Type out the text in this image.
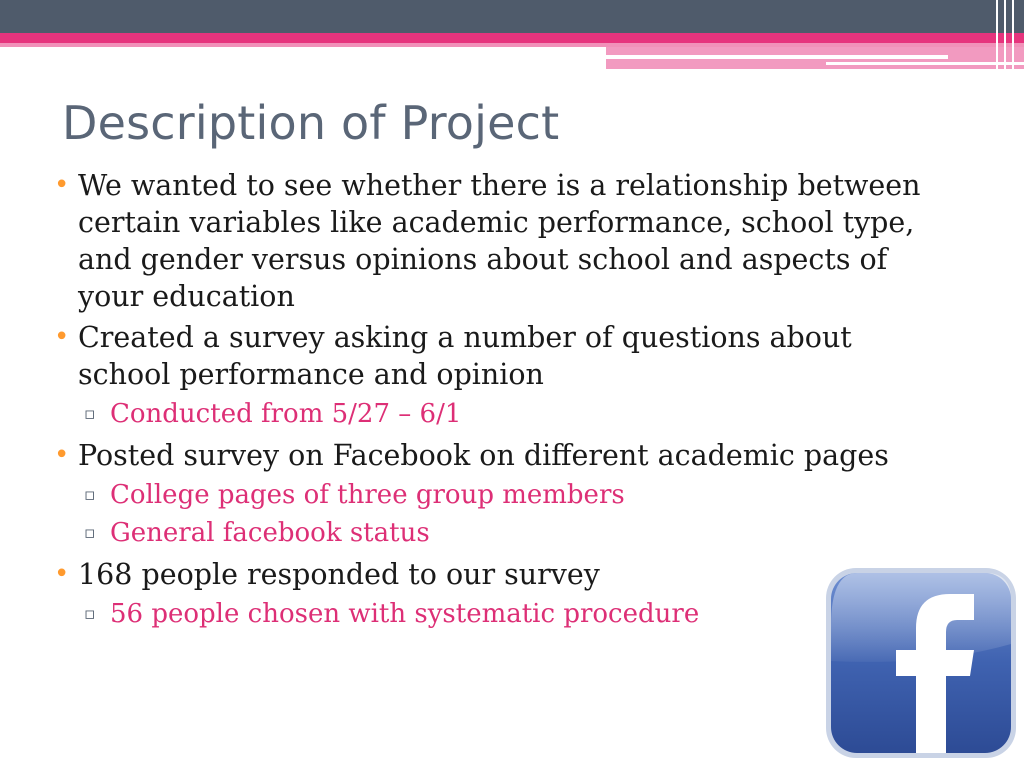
Description of Project
• We wanted to see whether there is a relationship between certain variables like academic performance, school type, and gender versus opinions about school and aspects of your education
• Created a survey asking a number of questions about school performance and opinion
▫ Conducted from 5/27 – 6/1
• Posted survey on Facebook on different academic pages
▫ College pages of three group members
▫ General facebook status
• 168 people responded to our survey
▫ 56 people chosen with systematic procedure
